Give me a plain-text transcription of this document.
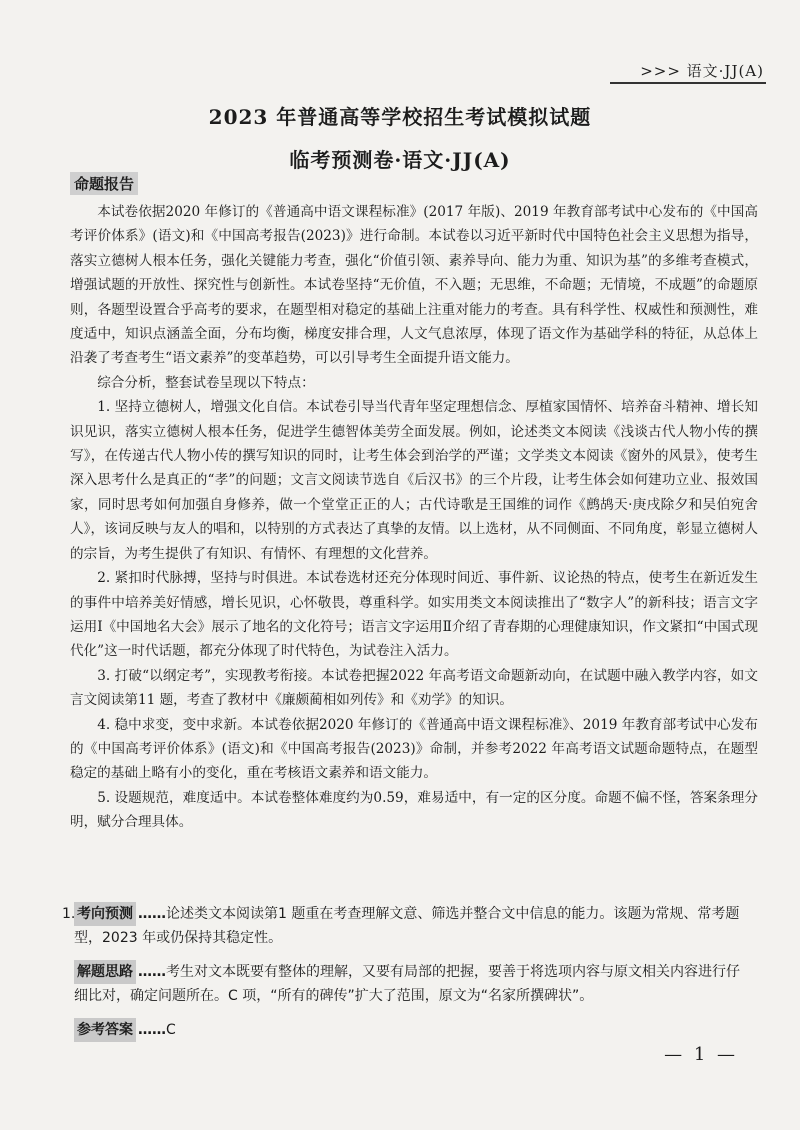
>>> 语文·JJ(A)
2023 年普通高等学校招生考试模拟试题
临考预测卷·语文·JJ(A)
命题报告

本试卷依据2020 年修订的《普通高中语文课程标准》(2017 年版)、2019 年教育部考试中心发布的《中国高考评价体系》(语文)和《中国高考报告(2023)》进行命制。本试卷以习近平新时代中国特色社会主义思想为指导，落实立德树人根本任务，强化关键能力考查，强化“价值引领、素养导向、能力为重、知识为基”的多维考查模式，增强试题的开放性、探究性与创新性。本试卷坚持“无价值，不入题；无思维，不命题；无情境，不成题”的命题原则，各题型设置合乎高考的要求，在题型相对稳定的基础上注重对能力的考查。具有科学性、权威性和预测性，难度适中，知识点涵盖全面，分布均衡，梯度安排合理，人文气息浓厚，体现了语文作为基础学科的特征，从总体上沿袭了考查考生“语文素养”的变革趋势，可以引导考生全面提升语文能力。

综合分析，整套试卷呈现以下特点：

1. 坚持立德树人，增强文化自信。本试卷引导当代青年坚定理想信念、厚植家国情怀、培养奋斗精神、增长知识见识，落实立德树人根本任务，促进学生德智体美劳全面发展。例如，论述类文本阅读《浅谈古代人物小传的撰写》，在传递古代人物小传的撰写知识的同时，让考生体会到治学的严谨；文学类文本阅读《窗外的风景》，使考生深入思考什么是真正的“孝”的问题；文言文阅读节选自《后汉书》的三个片段，让考生体会如何建功立业、报效国家，同时思考如何加强自身修养，做一个堂堂正正的人；古代诗歌是王国维的词作《鹧鸪天·庚戌除夕和吴伯宛舍人》，该词反映与友人的唱和，以特别的方式表达了真挚的友情。以上选材，从不同侧面、不同角度，彰显立德树人的宗旨，为考生提供了有知识、有情怀、有理想的文化营养。

2. 紧扣时代脉搏，坚持与时俱进。本试卷选材还充分体现时间近、事件新、议论热的特点，使考生在新近发生的事件中培养美好情感，增长见识，心怀敬畏，尊重科学。如实用类文本阅读推出了“数字人”的新科技；语言文字运用Ⅰ《中国地名大会》展示了地名的文化符号；语言文字运用Ⅱ介绍了青春期的心理健康知识，作文紧扣“中国式现代化”这一时代话题，都充分体现了时代特色，为试卷注入活力。

3. 打破“以纲定考”，实现教考衔接。本试卷把握2022 年高考语文命题新动向，在试题中融入教学内容，如文言文阅读第11 题，考查了教材中《廉颇蔺相如列传》和《劝学》的知识。

4. 稳中求变，变中求新。本试卷依据2020 年修订的《普通高中语文课程标准》、2019 年教育部考试中心发布的《中国高考评价体系》(语文)和《中国高考报告(2023)》命制，并参考2022 年高考语文试题命题特点，在题型稳定的基础上略有小的变化，重在考核语文素养和语文能力。

5. 设题规范，难度适中。本试卷整体难度约为0.59，难易适中，有一定的区分度。命题不偏不怪，答案条理分明，赋分合理具体。

1. 考向预测 ……论述类文本阅读第1 题重在考查理解文意、筛选并整合文中信息的能力。该题为常规、常考题型，2023 年或仍保持其稳定性。
解题思路 ……考生对文本既要有整体的理解，又要有局部的把握，要善于将选项内容与原文相关内容进行仔细比对，确定问题所在。C 项，“所有的碑传”扩大了范围，原文为“名家所撰碑状”。
参考答案 ……C
— 1 —
